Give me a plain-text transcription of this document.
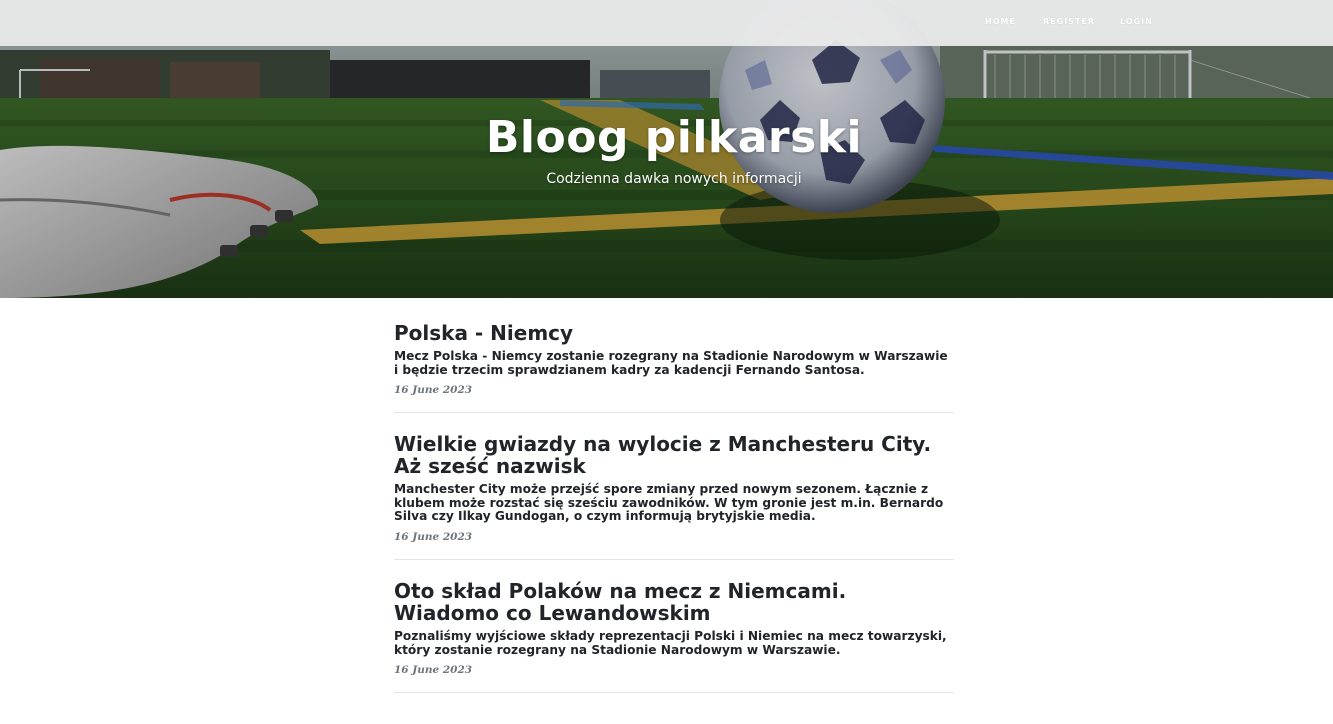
HOME	REGISTER	LOGIN
Bloog pilkarski
Codzienna dawka nowych informacji
Polska - Niemcy

Mecz Polska - Niemcy zostanie rozegrany na Stadionie Narodowym w Warszawie i będzie trzecim sprawdzianem kadry za kadencji Fernando Santosa.

16 June 2023

Wielkie gwiazdy na wylocie z Manchesteru City. Aż sześć nazwisk

Manchester City może przejść spore zmiany przed nowym sezonem. Łącznie z klubem może rozstać się sześciu zawodników. W tym gronie jest m.in. Bernardo Silva czy Ilkay Gundogan, o czym informują brytyjskie media.

16 June 2023

Oto skład Polaków na mecz z Niemcami. Wiadomo co Lewandowskim

Poznaliśmy wyjściowe składy reprezentacji Polski i Niemiec na mecz towarzyski, który zostanie rozegrany na Stadionie Narodowym w Warszawie.

16 June 2023
